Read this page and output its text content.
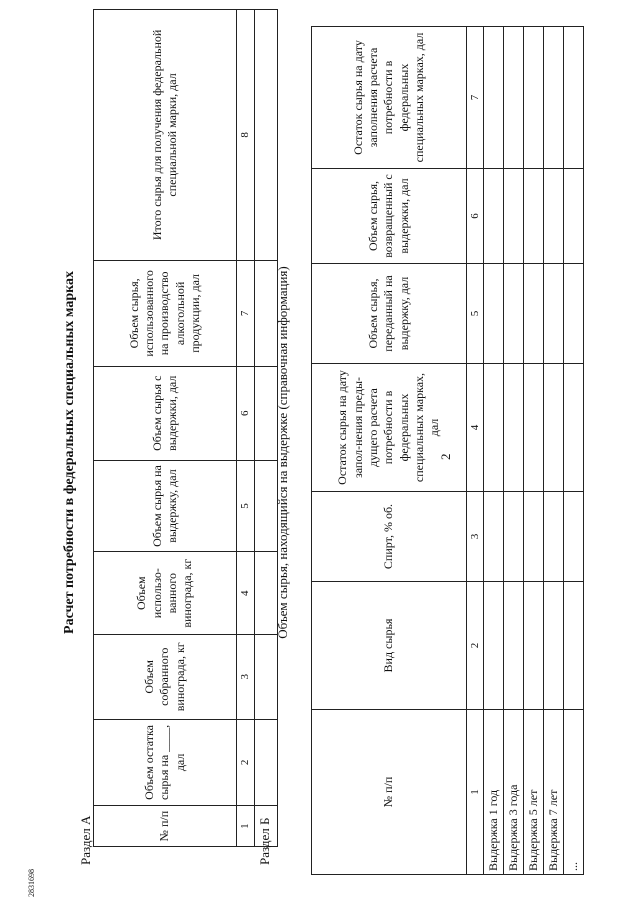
2
Расчет потребности в федеральных специальных марках
Раздел А	№ п/п	Объем остатка сырья на ____, дал	Объем собранного винограда, кг	Объем использо-ванного винограда, кг	Объем сырья на выдержку, дал	Объем сырья с выдержки, дал	Объем сырья, использованного на производство алкогольной продукции, дал	Итого сырья для получения федеральной специальной марки, дал
1	2	3	4	5	6	7	8

Раздел Б
Объем сырья, находящийся на выдержке (справочная информация)
№ п/п	Вид сырья	Спирт, % об.	Остаток сырья на дату запол-нения преды-дущего расчета потребности в федеральных специальных марках, дал	Объем сырья, переданный на выдержку, дал	Объем сырья, возвращенный с выдержки, дал	Остаток сырья на дату заполнения расчета потребности в федеральных специальных марках, дал
1	2	3	4	5	6	7
Выдержка 1 год						
Выдержка 3 года						
Выдержка 5 лет						
Выдержка 7 лет						
...						
2831698
